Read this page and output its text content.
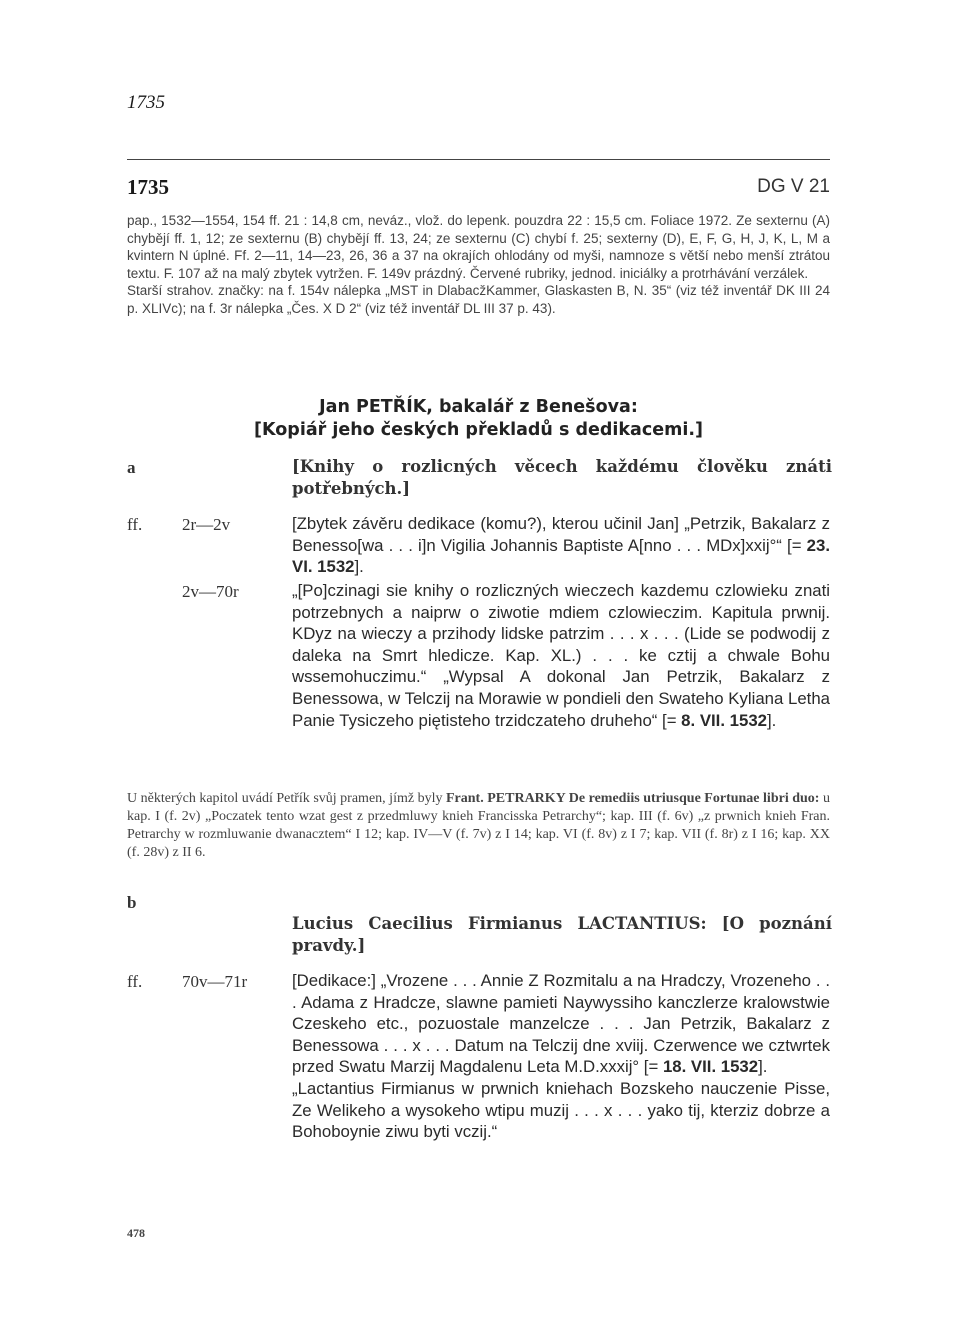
1735
1735	DG V 21

pap., 1532—1554, 154 ff. 21 : 14,8 cm, neváz., vlož. do lepenk. pouzdra 22 : 15,5 cm. Foliace 1972. Ze sexternu (A) chybějí ff. 1, 12; ze sexternu (B) chybějí ff. 13, 24; ze sexternu (C) chybí f. 25; sexterny (D), E, F, G, H, J, K, L, M a kvintern N úplné. Ff. 2—11, 14—23, 26, 36 a 37 na okrajích ohlodány od myši, namnoze s větší nebo menší ztrátou textu. F. 107 až na malý zbytek vytržen. F. 149v prázdný. Červené rubriky, jednod. iniciálky a protrhávání verzálek.

Starší strahov. značky: na f. 154v nálepka „MST in DlabacžKammer, Glaskasten B, N. 35“ (viz též inventář DK III 24 p. XLIVc); na f. 3r nálepka „Čes. X D 2“ (viz též inventář DL III 37 p. 43).

Jan PETŘÍK, bakalář z Benešova:
[Kopiář jeho českých překladů s dedikacemi.]
a	[Knihy o rozlicných věcech každému člověku znáti potřebných.]
ff. 2r—2v	[Zbytek závěru dedikace (komu?), kterou učinil Jan] „Petrzik, Bakalarz z Benesso[wa . . . i]n Vigilia Johannis Baptiste A[nno . . . MDx]xxij°“ [= 23. VI. 1532].

2v—70r	„[Po]czinagi sie knihy o rozliczných wieczech kazdemu czlowieku znati potrzebnych a naiprw o ziwotie mdiem czlowieczim. Kapitula prwnij. KDyz na wieczy a przihody lidske patrzim . . . x . . . (Lide se podwodij z daleka na Smrt hledicze. Kap. XL.) . . . ke cztij a chwale Bohu wssemohuczimu.“ „Wypsal A dokonal Jan Petrzik, Bakalarz z Benessowa, w Telczij na Morawie w pondieli den Swateho Kyliana Letha Panie Tysiczeho piętisteho trzidczateho druheho“ [= 8. VII. 1532].

U některých kapitol uvádí Petřík svůj pramen, jímž byly Frant. PETRARKY De remediis utriusque Fortunae libri duo: u kap. I (f. 2v) „Poczatek tento wzat gest z przedmluwy knieh Francisska Petrarchy“; kap. III (f. 6v) „z prwnich knieh Fran. Petrarchy w rozmluwanie dwanacztem“ I 12; kap. IV—V (f. 7v) z I 14; kap. VI (f. 8v) z I 7; kap. VII (f. 8r) z I 16; kap. XX (f. 28v) z II 6.

b
Lucius Caecilius Firmianus LACTANTIUS: [O poznání pravdy.]
ff. 70v—71r	[Dedikace:] „Vrozene . . . Annie Z Rozmitalu a na Hradczy, Vrozeneho . . . Adama z Hradcze, slawne pamieti Naywyssiho kanczlerze kralowstwie Czeskeho etc., pozuostale manzelcze . . . Jan Petrzik, Bakalarz z Benessowa . . . x . . . Datum na Telczij dne xviij. Czerwence we cztwrtek przed Swatu Marzij Magdalenu Leta M.D.xxxij° [= 18. VII. 1532].

„Lactantius Firmianus w prwnich kniehach Bozskeho nauczenie Pisse, Ze Welikeho a wysokeho wtipu muzij . . . x . . . yako tij, kterziz dobrze a Bohoboynie ziwu byti vczij.“

478
